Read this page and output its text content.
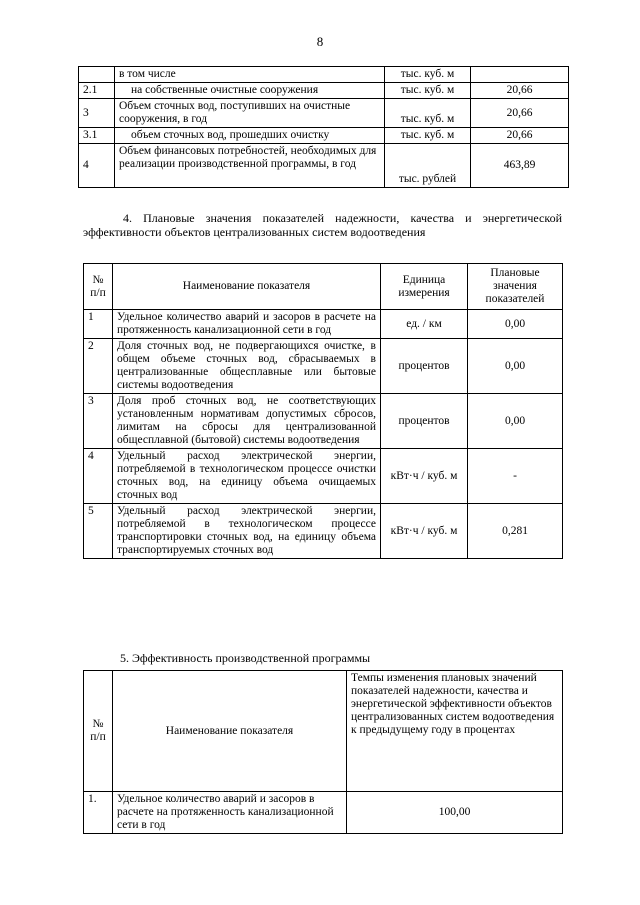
8
	в том числе	тыс. куб. м	
2.1	на собственные очистные сооружения	тыс. куб. м	20,66
3	Объем сточных вод, поступивших на очистные сооружения, в год	тыс. куб. м	20,66
3.1	объем сточных вод, прошедших очистку	тыс. куб. м	20,66
4	Объем финансовых потребностей, необходимых для реализации производственной программы, в год	тыс. рублей	463,89
4. Плановые значения показателей надежности, качества и энергетической эффективности объектов централизованных систем водоотведения
№ п/п	Наименование показателя	Единица измерения	Плановые значения показателей
1	Удельное количество аварий и засоров в расчете на протяженность канализационной сети в год	ед. / км	0,00
2	Доля сточных вод, не подвергающихся очистке, в общем объеме сточных вод, сбрасываемых в централизованные общесплавные или бытовые системы водоотведения	процентов	0,00
3	Доля проб сточных вод, не соответствующих установленным нормативам допустимых сбросов, лимитам на сбросы для централизованной общесплавной (бытовой) системы водоотведения	процентов	0,00
4	Удельный расход электрической энергии, потребляемой в технологическом процессе очистки сточных вод, на единицу объема очищаемых сточных вод	кВт·ч / куб. м	-
5	Удельный расход электрической энергии, потребляемой в технологическом процессе транспортировки сточных вод, на единицу объема транспортируемых сточных вод	кВт·ч / куб. м	0,281
5. Эффективность производственной программы
№ п/п	Наименование показателя	Темпы изменения плановых значений показателей надежности, качества и энергетической эффективности объектов централизованных систем водоотведения к предыдущему году в процентах
1.	Удельное количество аварий и засоров в расчете на протяженность канализационной сети в год	100,00
